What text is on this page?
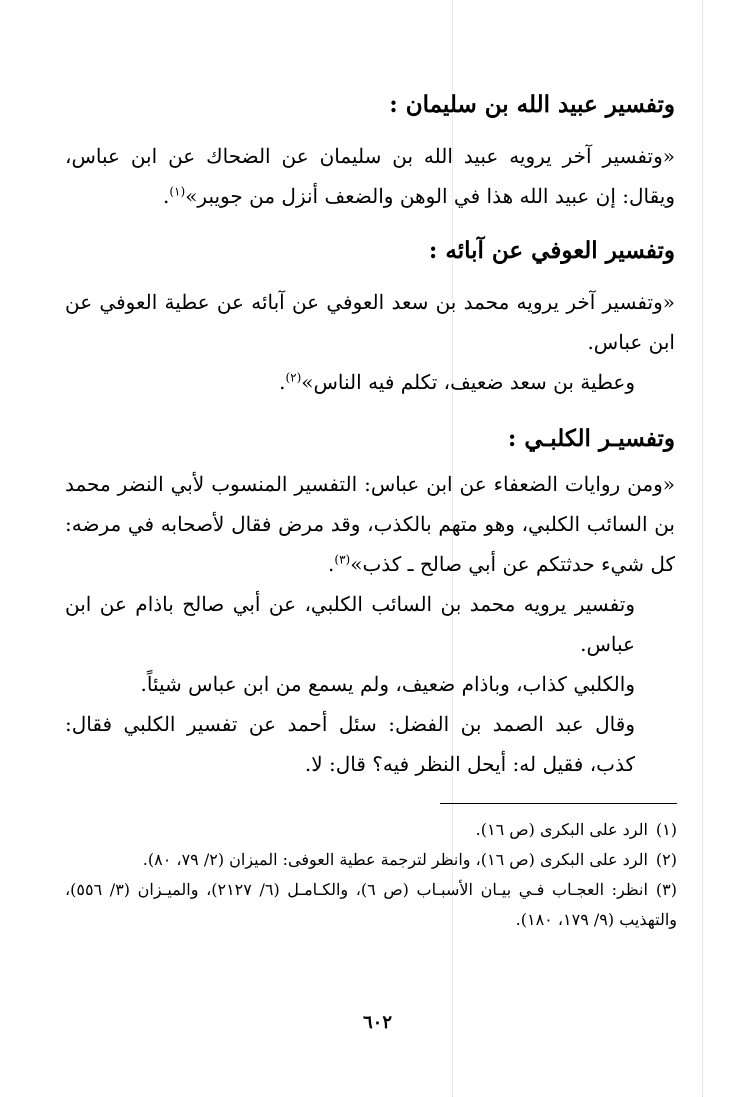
وتفسير عبيد الله بن سليمان :

«وتفسير آخر يرويه عبيد الله بن سليمان عن الضحاك عن ابن عباس، ويقال: إن عبيد الله هذا في الوهن والضعف أنزل من جويبر»$^{(١)}$.

وتفسير العوفي عن آبائه :

«وتفسير آخر يرويه محمد بن سعد العوفي عن آبائه عن عطية العوفي عن ابن عباس.

وعطية بن سعد ضعيف، تكلم فيه الناس»$^{(٢)}$.

وتفسيـر الكلبـي :

«ومن روايات الضعفاء عن ابن عباس: التفسير المنسوب لأبي النضر محمد بن السائب الكلبي، وهو متهم بالكذب، وقد مرض فقال لأصحابه في مرضه: كل شيء حدثتكم عن أبي صالح ـ كذب»$^{(٣)}$.

وتفسير يرويه محمد بن السائب الكلبي، عن أبي صالح باذام عن ابن عباس.

والكلبي كذاب، وباذام ضعيف، ولم يسمع من ابن عباس شيئاً.

وقال عبد الصمد بن الفضل: سئل أحمد عن تفسير الكلبي فقال: كذب، فقيل له: أيحل النظر فيه؟ قال: لا.

(١)الرد على البكرى (ص ١٦).

(٢)الرد على البكرى (ص ١٦)، وانظر لترجمة عطية العوفى: الميزان (٢/ ٧٩، ٨٠).

(٣)انظر: العجـاب فـي بيـان الأسبـاب (ص ٦)، والكـامـل (٦/ ٢١٢٧)، والميـزان (٣/ ٥٥٦)، والتهذيب (٩/ ١٧٩، ١٨٠).

٦٠٢
